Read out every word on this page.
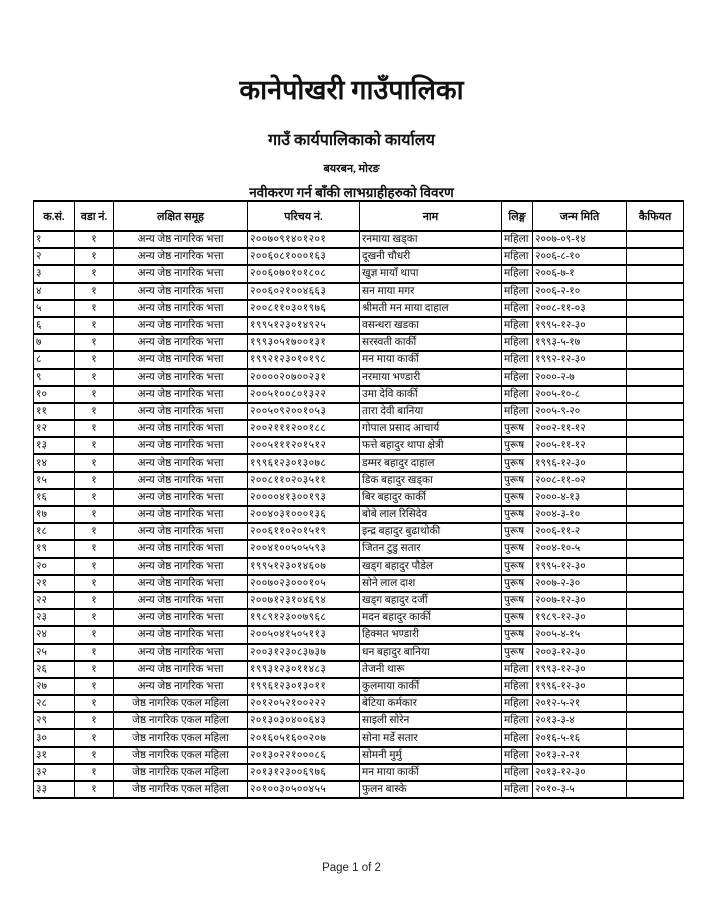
कानेपोखरी गाउँपालिका
गाउँ कार्यपालिकाको कार्यालय
बयरबन, मोरङ
नवीकरण गर्न बाँकी लाभग्राहीहरुको विवरण
क.सं.	वडा नं.	लक्षित समूह	परिचय नं.	नाम	लिङ्ग	जन्म मिति	कैफियत
१	१	अन्य जेष्ठ नागरिक भत्ता	२००७०९१४०१२०१	रनमाया खड्का	महिला	२००७-०९-१४	
२	१	अन्य जेष्ठ नागरिक भत्ता	२००६०८१०००१६३	दूखनी चौधरी	महिला	२००६-८-१०	
३	१	अन्य जेष्ठ नागरिक भत्ता	२००६०७०१०१८०८	खुज्ञ मायाँ थापा	महिला	२००६-७-१	
४	१	अन्य जेष्ठ नागरिक भत्ता	२००६०२१००४६६३	सन माया मगर	महिला	२००६-२-१०	
५	१	अन्य जेष्ठ नागरिक भत्ता	२००८११०३०१९७६	श्रीमती मन माया दाहाल	महिला	२००८-११-०३	
६	१	अन्य जेष्ठ नागरिक भत्ता	१९९५१२३०१४९२५	वसन्धरा खडका	महिला	१९९५-१२-३०	
७	१	अन्य जेष्ठ नागरिक भत्ता	१९९३०५१७००१३१	सरस्वती कार्की	महिला	१९९३-५-१७	
८	१	अन्य जेष्ठ नागरिक भत्ता	१९९२१२३०१०१९८	मन माया कार्की	महिला	१९९२-१२-३०	
९	१	अन्य जेष्ठ नागरिक भत्ता	२००००२०७००२३१	नरमाया भण्डारी	महिला	२०००-२-७	
१०	१	अन्य जेष्ठ नागरिक भत्ता	२००५१००८०१३२२	उमा देवि कार्की	महिला	२००५-१०-८	
११	१	अन्य जेष्ठ नागरिक भत्ता	२००५०९२००१०५३	तारा देवी बानिया	महिला	२००५-९-२०	
१२	१	अन्य जेष्ठ नागरिक भत्ता	२००२१११२००१८८	गोपाल प्रसाद आचार्य	पुरूष	२००२-११-१२	
१३	१	अन्य जेष्ठ नागरिक भत्ता	२००५१११२०१५१२	फत्ते बहादुर थापा क्षेत्री	पुरूष	२००५-११-१२	
१४	१	अन्य जेष्ठ नागरिक भत्ता	१९९६१२३०१३०७८	डम्मर बहादुर दाहाल	पुरूष	१९९६-१२-३०	
१५	१	अन्य जेष्ठ नागरिक भत्ता	२००८११०२०३५११	डिक बहादुर खड्का	पुरूष	२००८-११-०२	
१६	१	अन्य जेष्ठ नागरिक भत्ता	२००००४१३००१९३	बिर बहादुर कार्की	पुरूष	२०००-४-१३	
१७	१	अन्य जेष्ठ नागरिक भत्ता	२००४०३१०००१३६	बोबे लाल रिसिदेव	पुरूष	२००४-३-१०	
१८	१	अन्य जेष्ठ नागरिक भत्ता	२००६११०२०१५१९	इन्द्र बहादुर बुढाथोकी	पुरूष	२००६-११-२	
१९	१	अन्य जेष्ठ नागरिक भत्ता	२००४१००५०५५९३	जितन टुडु सतार	पुरूष	२००४-१०-५	
२०	१	अन्य जेष्ठ नागरिक भत्ता	१९९५१२३०१४६०७	खड्ग बहादुर पौडेल	पुरूष	१९९५-१२-३०	
२१	१	अन्य जेष्ठ नागरिक भत्ता	२००७०२३०००१०५	सोने लाल दाश	पुरूष	२००७-२-३०	
२२	१	अन्य जेष्ठ नागरिक भत्ता	२००७१२३१०४६९४	खड्ग बहादुर दर्जी	पुरूष	२००७-१२-३०	
२३	१	अन्य जेष्ठ नागरिक भत्ता	१९८९१२३००७९६८	मदन बहादुर कार्की	पुरूष	१९८९-१२-३०	
२४	१	अन्य जेष्ठ नागरिक भत्ता	२००५०४१५०५११३	हिक्मत भण्डारी	पुरूष	२००५-४-१५	
२५	१	अन्य जेष्ठ नागरिक भत्ता	२००३१२३०८३७३७	धन बहादुर बानिया	पुरूष	२००३-१२-३०	
२६	१	अन्य जेष्ठ नागरिक भत्ता	१९९३१२३०११४८३	तेजनी थारू	महिला	१९९३-१२-३०	
२७	१	अन्य जेष्ठ नागरिक भत्ता	१९९६१२३०१३०११	कुलमाया कार्की	महिला	१९९६-१२-३०	
२८	१	जेष्ठ नागरिक एकल महिला	२०१२०५२१००२२२	बेटिया कर्मकार	महिला	२०१२-५-२१	
२९	१	जेष्ठ नागरिक एकल महिला	२०१३०३०४००६४३	साइली सोरेन	महिला	२०१३-३-४	
३०	१	जेष्ठ नागरिक एकल महिला	२०१६०५१६००२०७	सोना मर्डे सतार	महिला	२०१६-५-१६	
३१	१	जेष्ठ नागरिक एकल महिला	२०१३०२२१०००८६	सोमनी मुर्मु	महिला	२०१३-२-२१	
३२	१	जेष्ठ नागरिक एकल महिला	२०१३१२३००६९७६	मन माया कार्की	महिला	२०१३-१२-३०	
३३	१	जेष्ठ नागरिक एकल महिला	२०१००३०५००४५५	फुलन बास्के	महिला	२०१०-३-५	
Page 1 of 2
